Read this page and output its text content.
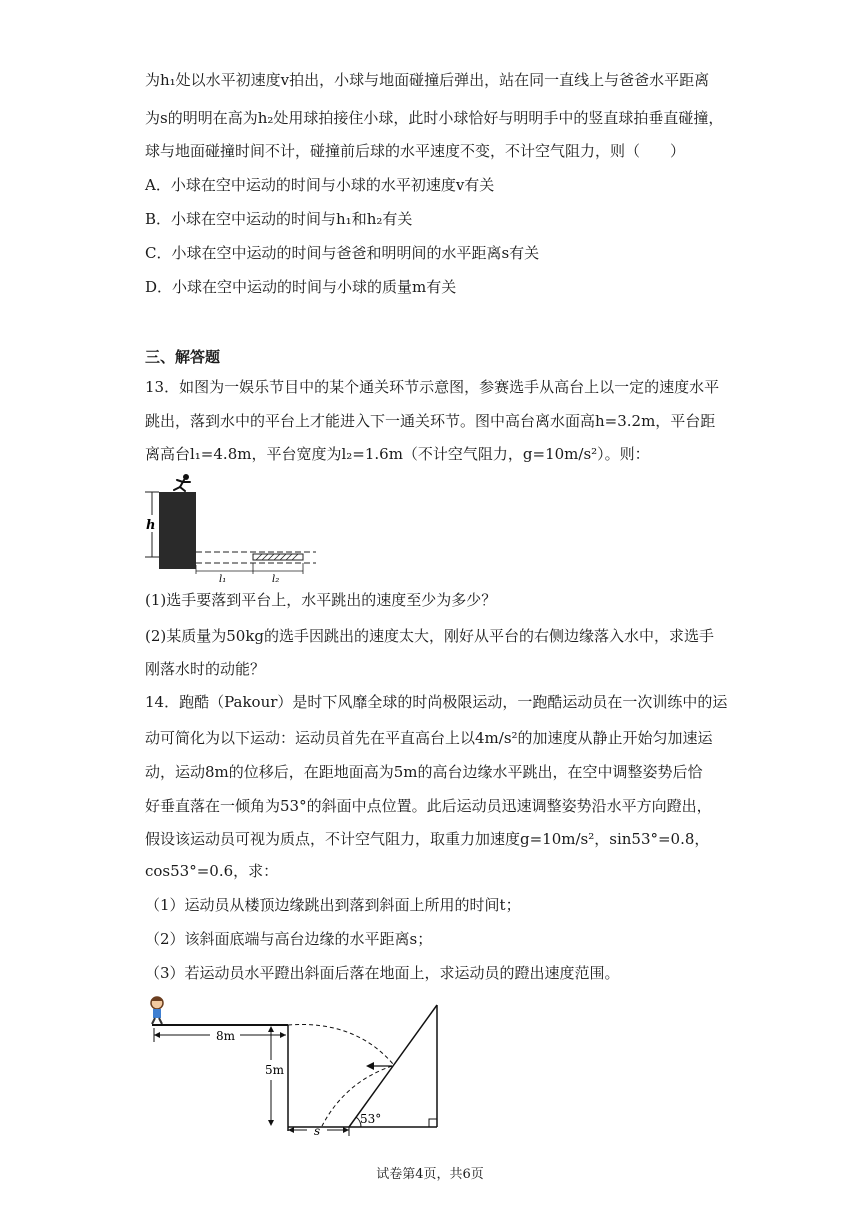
为h₁处以水平初速度v拍出，小球与地面碰撞后弹出，站在同一直线上与爸爸水平距离
为s的明明在高为h₂处用球拍接住小球，此时小球恰好与明明手中的竖直球拍垂直碰撞，
球与地面碰撞时间不计，碰撞前后球的水平速度不变，不计空气阻力，则（　　）
A．小球在空中运动的时间与小球的水平初速度v有关
B．小球在空中运动的时间与h₁和h₂有关
C．小球在空中运动的时间与爸爸和明明间的水平距离s有关
D．小球在空中运动的时间与小球的质量m有关
三、解答题
13．如图为一娱乐节目中的某个通关环节示意图，参赛选手从高台上以一定的速度水平
跳出，落到水中的平台上才能进入下一通关环节。图中高台离水面高h=3.2m，平台距
离高台l₁=4.8m，平台宽度为l₂=1.6m（不计空气阻力，g=10m/s²）。则：
h
l₁	l₂
(1)选手要落到平台上，水平跳出的速度至少为多少？
(2)某质量为50kg的选手因跳出的速度太大，刚好从平台的右侧边缘落入水中，求选手
刚落水时的动能？
14．跑酷（Pakour）是时下风靡全球的时尚极限运动，一跑酷运动员在一次训练中的运
动可简化为以下运动：运动员首先在平直高台上以4m/s²的加速度从静止开始匀加速运
动，运动8m的位移后，在距地面高为5m的高台边缘水平跳出，在空中调整姿势后恰
好垂直落在一倾角为53°的斜面中点位置。此后运动员迅速调整姿势沿水平方向蹬出，
假设该运动员可视为质点，不计空气阻力，取重力加速度g=10m/s²，sin53°=0.8，
cos53°=0.6，求：
（1）运动员从楼顶边缘跳出到落到斜面上所用的时间t；
（2）该斜面底端与高台边缘的水平距离s；
（3）若运动员水平蹬出斜面后落在地面上，求运动员的蹬出速度范围。
8m
5m
53°
s
试卷第4页，共6页
